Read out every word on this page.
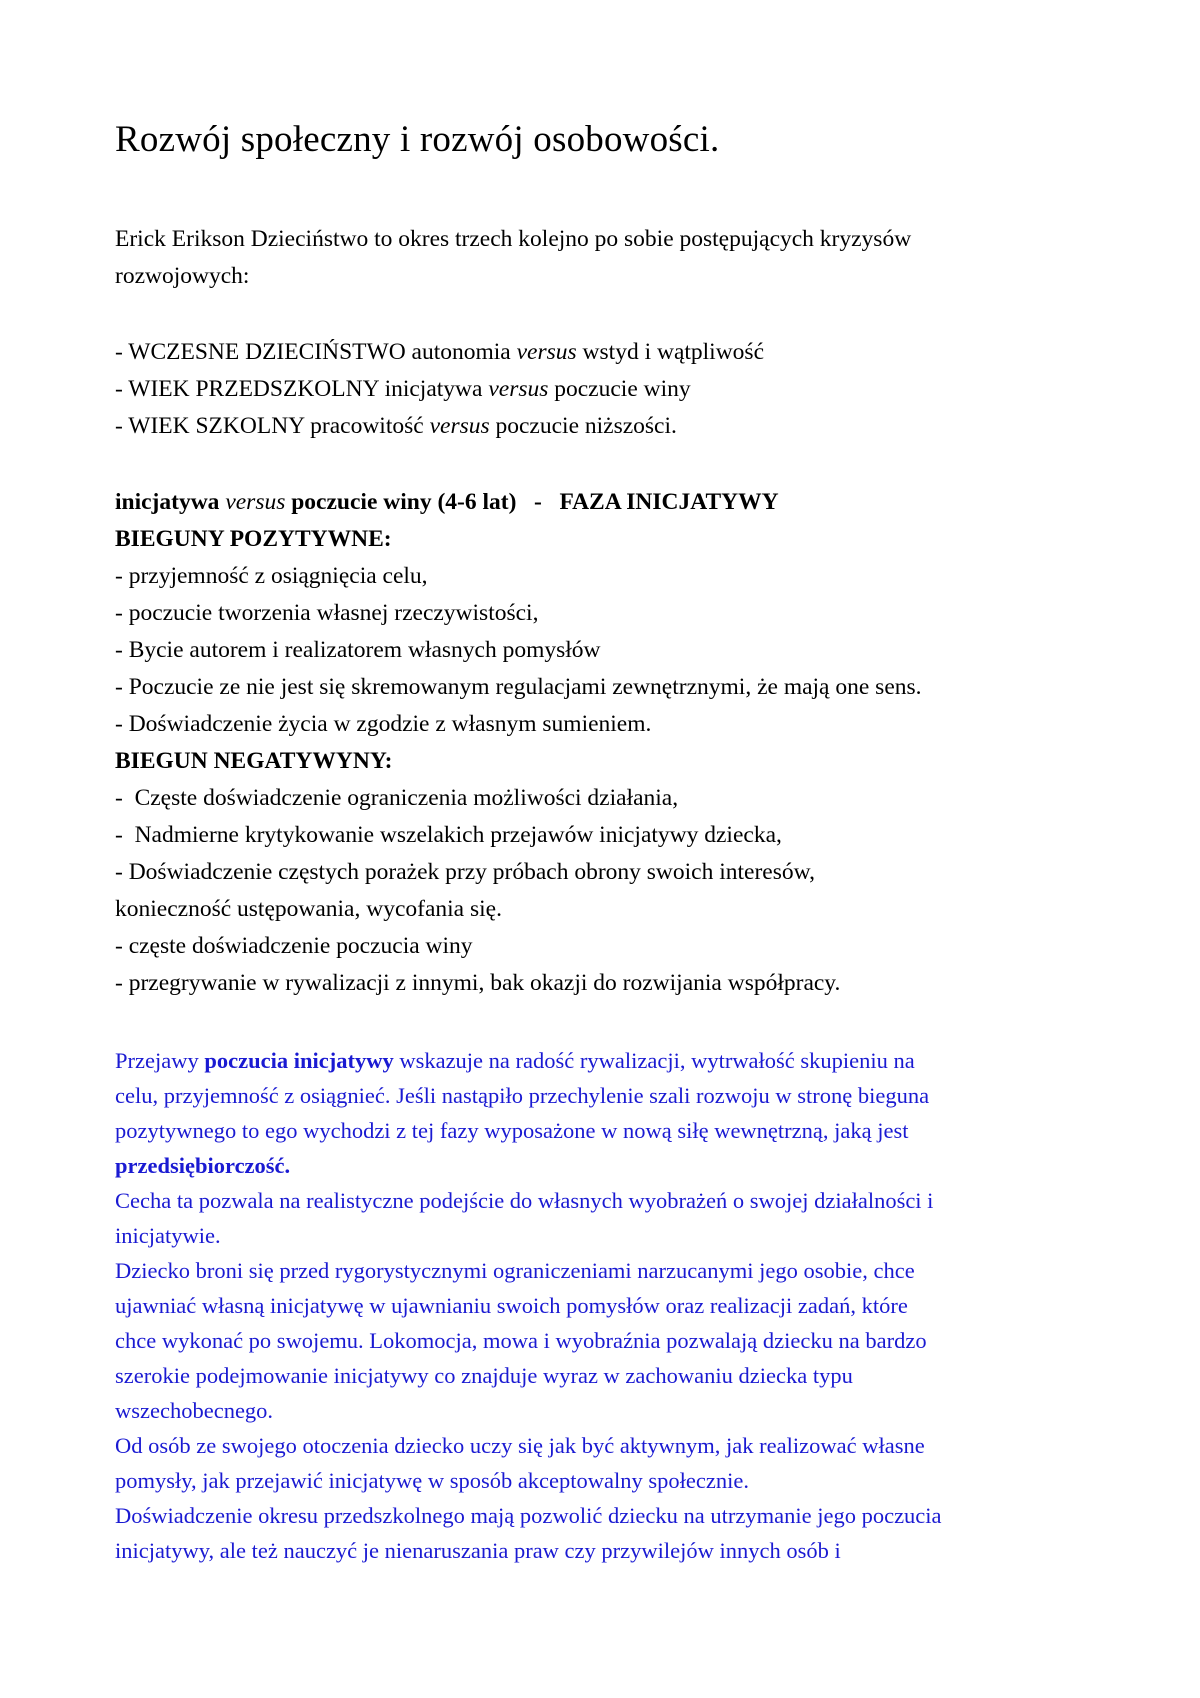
Rozwój społeczny i rozwój osobowości.
Erick Erikson Dzieciństwo to okres trzech kolejno po sobie postępujących kryzysów
rozwojowych:
- WCZESNE DZIECIŃSTWO autonomia versus wstyd i wątpliwość
- WIEK PRZEDSZKOLNY inicjatywa versus poczucie winy
- WIEK SZKOLNY pracowitość versus poczucie niższości.
inicjatywa versus poczucie winy (4-6 lat)   -   FAZA INICJATYWY
BIEGUNY POZYTYWNE:
- przyjemność z osiągnięcia celu,
- poczucie tworzenia własnej rzeczywistości,
- Bycie autorem i realizatorem własnych pomysłów
- Poczucie ze nie jest się skremowanym regulacjami zewnętrznymi, że mają one sens.
- Doświadczenie życia w zgodzie z własnym sumieniem.
BIEGUN NEGATYWYNY:
-  Częste doświadczenie ograniczenia możliwości działania,
-  Nadmierne krytykowanie wszelakich przejawów inicjatywy dziecka,
- Doświadczenie częstych porażek przy próbach obrony swoich interesów,
konieczność ustępowania, wycofania się.
- częste doświadczenie poczucia winy
- przegrywanie w rywalizacji z innymi, bak okazji do rozwijania współpracy.
Przejawy poczucia inicjatywy wskazuje na radość rywalizacji, wytrwałość skupieniu na
celu, przyjemność z osiągnieć. Jeśli nastąpiło przechylenie szali rozwoju w stronę bieguna
pozytywnego to ego wychodzi z tej fazy wyposażone w nową siłę wewnętrzną, jaką jest
przedsiębiorczość.
Cecha ta pozwala na realistyczne podejście do własnych wyobrażeń o swojej działalności i
inicjatywie.
Dziecko broni się przed rygorystycznymi ograniczeniami narzucanymi jego osobie, chce
ujawniać własną inicjatywę w ujawnianiu swoich pomysłów oraz realizacji zadań, które
chce wykonać po swojemu. Lokomocja, mowa i wyobraźnia pozwalają dziecku na bardzo
szerokie podejmowanie inicjatywy co znajduje wyraz w zachowaniu dziecka typu
wszechobecnego.
Od osób ze swojego otoczenia dziecko uczy się jak być aktywnym, jak realizować własne
pomysły, jak przejawić inicjatywę w sposób akceptowalny społecznie.
Doświadczenie okresu przedszkolnego mają pozwolić dziecku na utrzymanie jego poczucia
inicjatywy, ale też nauczyć je nienaruszania praw czy przywilejów innych osób i
